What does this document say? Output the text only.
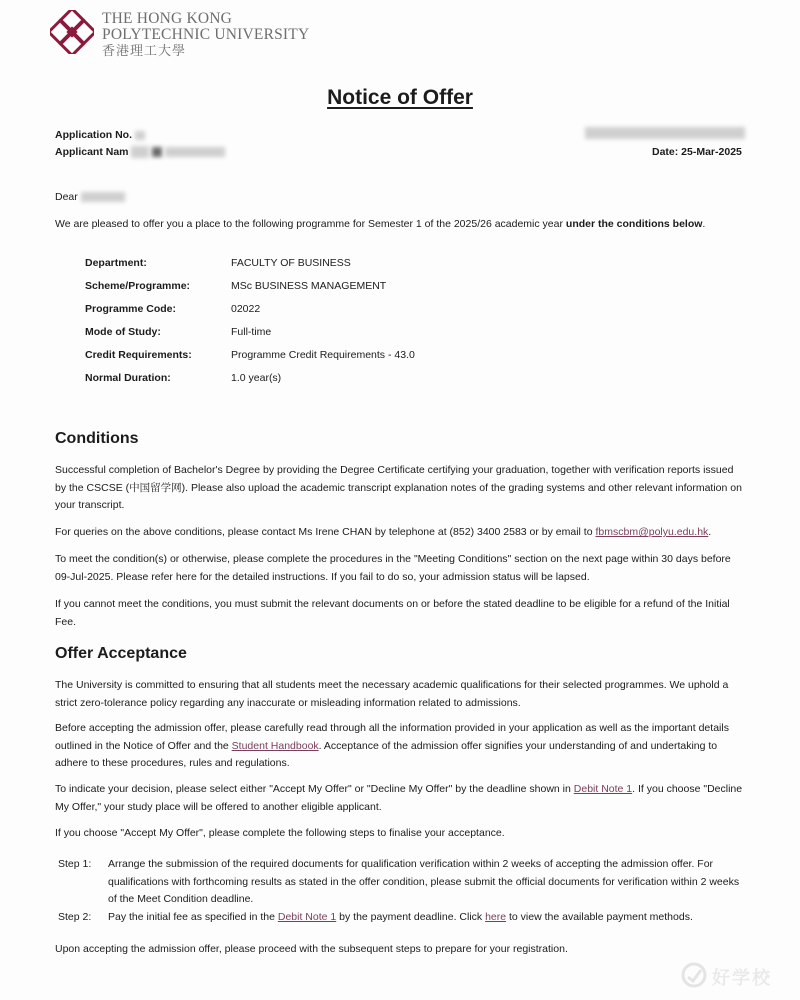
THE HONG KONG
POLYTECHNIC UNIVERSITY
香港理工大學
Notice of Offer
Application No.
Applicant Nam	Date: 25-Mar-2025

Dear

We are pleased to offer you a place to the following programme for Semester 1 of the 2025/26 academic year under the conditions below.

Department:	FACULTY OF BUSINESS
Scheme/Programme:	MSc BUSINESS MANAGEMENT
Programme Code:	02022
Mode of Study:	Full-time
Credit Requirements:	Programme Credit Requirements - 43.0
Normal Duration:	1.0 year(s)
Conditions

Successful completion of Bachelor's Degree by providing the Degree Certificate certifying your graduation, together with verification reports issued by the CSCSE (中国留学网). Please also upload the academic transcript explanation notes of the grading systems and other relevant information on your transcript.

For queries on the above conditions, please contact Ms Irene CHAN by telephone at (852) 3400 2583 or by email to fbmscbm@polyu.edu.hk.

To meet the condition(s) or otherwise, please complete the procedures in the "Meeting Conditions" section on the next page within 30 days before 09-Jul-2025. Please refer here for the detailed instructions. If you fail to do so, your admission status will be lapsed.

If you cannot meet the conditions, you must submit the relevant documents on or before the stated deadline to be eligible for a refund of the Initial Fee.

Offer Acceptance

The University is committed to ensuring that all students meet the necessary academic qualifications for their selected programmes. We uphold a strict zero-tolerance policy regarding any inaccurate or misleading information related to admissions.

Before accepting the admission offer, please carefully read through all the information provided in your application as well as the important details outlined in the Notice of Offer and the Student Handbook. Acceptance of the admission offer signifies your understanding of and undertaking to adhere to these procedures, rules and regulations.

To indicate your decision, please select either "Accept My Offer" or "Decline My Offer" by the deadline shown in Debit Note 1. If you choose "Decline My Offer," your study place will be offered to another eligible applicant.

If you choose "Accept My Offer", please complete the following steps to finalise your acceptance.

Step 1: Arrange the submission of the required documents for qualification verification within 2 weeks of accepting the admission offer. For qualifications with forthcoming results as stated in the offer condition, please submit the official documents for verification within 2 weeks of the Meet Condition deadline.
Step 2: Pay the initial fee as specified in the Debit Note 1 by the payment deadline. Click here to view the available payment methods.

Upon accepting the admission offer, please proceed with the subsequent steps to prepare for your registration.

好学校
